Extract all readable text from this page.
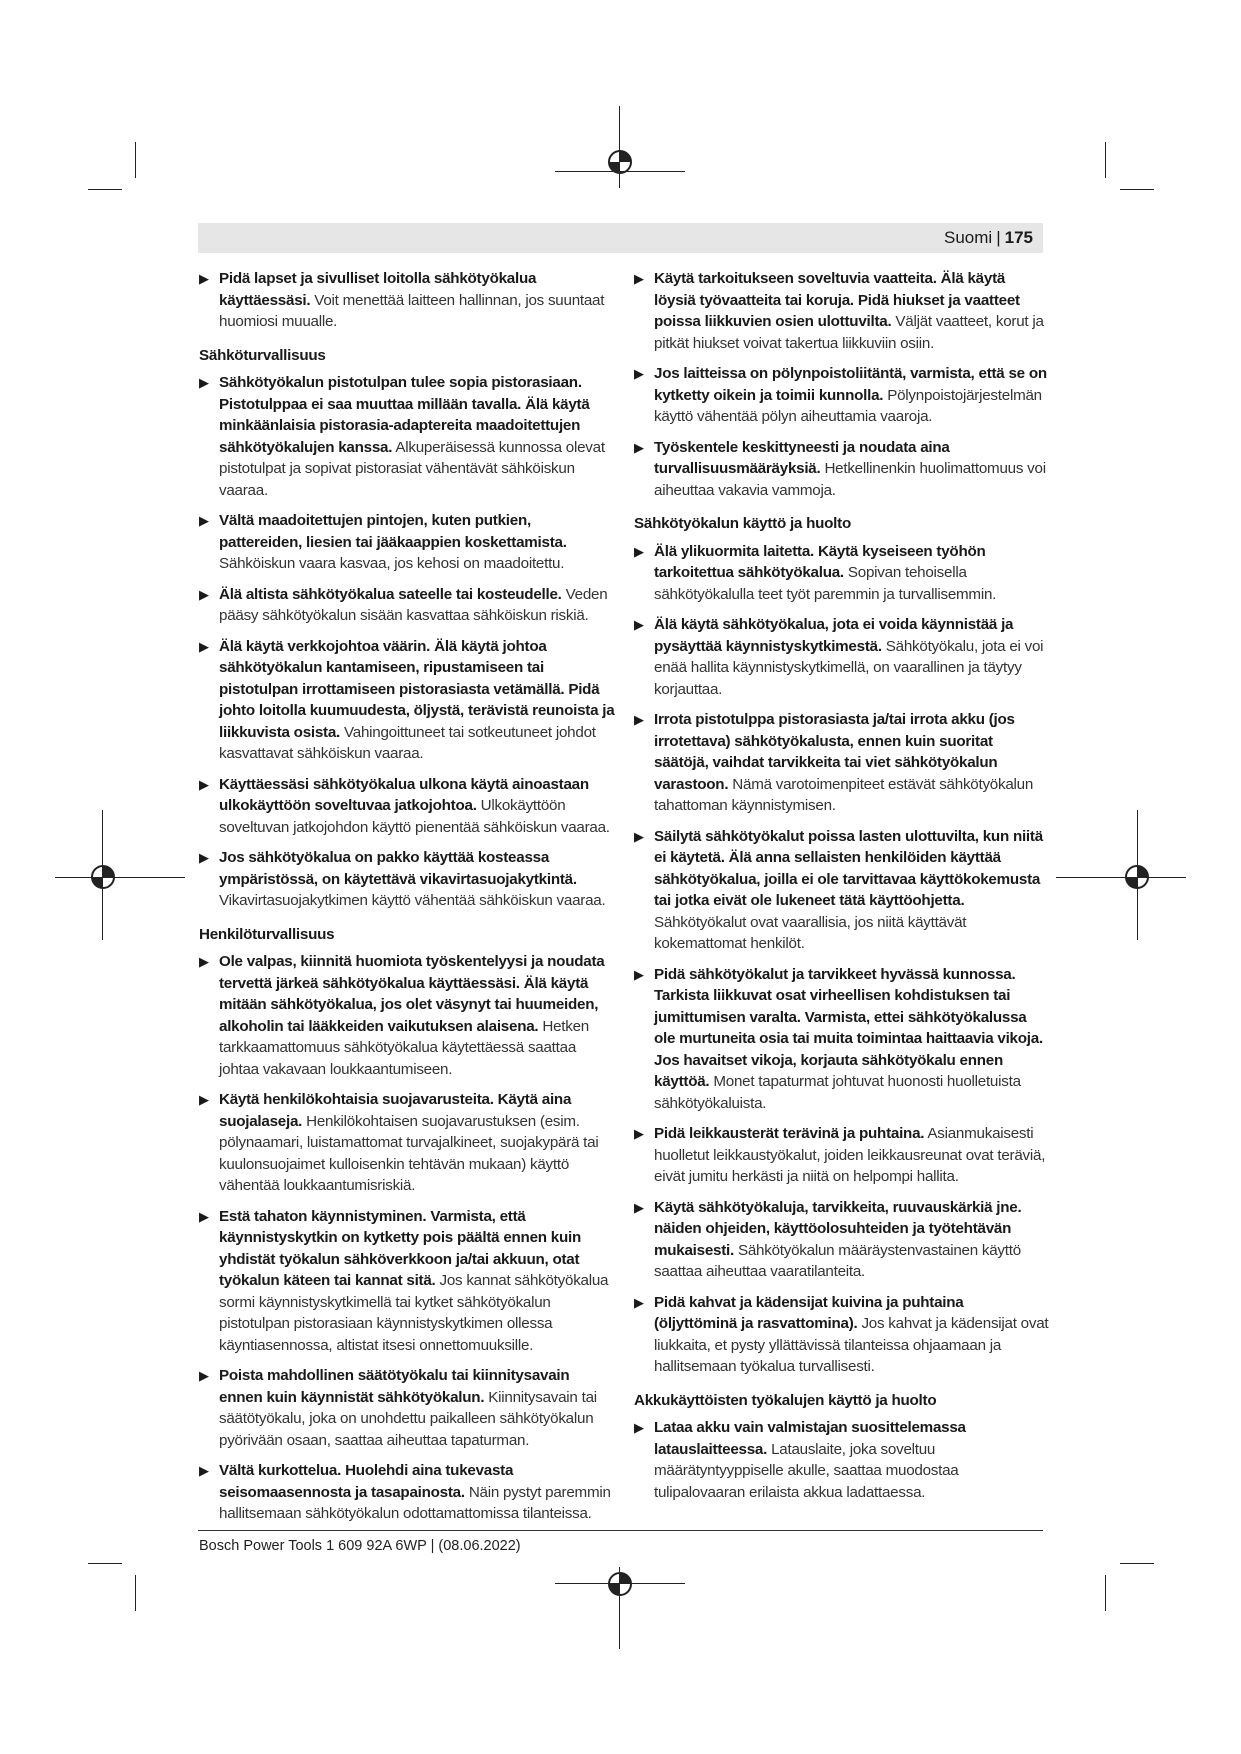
Suomi | 175
▶ Pidä lapset ja sivulliset loitolla sähkötyökalua käyttäessäsi. Voit menettää laitteen hallinnan, jos suuntaat huomiosi muualle.
Sähköturvallisuus
▶ Sähkötyökalun pistotulpan tulee sopia pistorasiaan. Pistotulppaa ei saa muuttaa millään tavalla. Älä käytä minkäänlaisia pistorasia-adaptereita maadoitettujen sähkötyökalujen kanssa. Alkuperäisessä kunnossa olevat pistotulpat ja sopivat pistorasiat vähentävät sähköiskun vaaraa.
▶ Vältä maadoitettujen pintojen, kuten putkien, pattereiden, liesien tai jääkaappien koskettamista. Sähköiskun vaara kasvaa, jos kehosi on maadoitettu.
▶ Älä altista sähkötyökalua sateelle tai kosteudelle. Veden pääsy sähkötyökalun sisään kasvattaa sähköiskun riskiä.
▶ Älä käytä verkkojohtoa väärin. Älä käytä johtoa sähkötyökalun kantamiseen, ripustamiseen tai pistotulpan irrottamiseen pistorasiasta vetämällä. Pidä johto loitolla kuumuudesta, öljystä, terävistä reunoista ja liikkuvista osista. Vahingoittuneet tai sotkeutuneet johdot kasvattavat sähköiskun vaaraa.
▶ Käyttäessäsi sähkötyökalua ulkona käytä ainoastaan ulkokäyttöön soveltuvaa jatkojohtoa. Ulkokäyttöön soveltuvan jatkojohdon käyttö pienentää sähköiskun vaaraa.
▶ Jos sähkötyökalua on pakko käyttää kosteassa ympäristössä, on käytettävä vikavirtasuojakytkintä. Vikavirtasuojakytkimen käyttö vähentää sähköiskun vaaraa.
Henkilöturvallisuus
▶ Ole valpas, kiinnitä huomiota työskentelyysi ja noudata tervettä järkeä sähkötyökalua käyttäessäsi. Älä käytä mitään sähkötyökalua, jos olet väsynyt tai huumeiden, alkoholin tai lääkkeiden vaikutuksen alaisena. Hetken tarkkaamattomuus sähkötyökalua käytettäessä saattaa johtaa vakavaan loukkaantumiseen.
▶ Käytä henkilökohtaisia suojavarusteita. Käytä aina suojalaseja. Henkilökohtaisen suojavarustuksen (esim. pölynaamari, luistamattomat turvajalkineet, suojakypärä tai kuulonsuojaimet kulloisenkin tehtävän mukaan) käyttö vähentää loukkaantumisriskiä.
▶ Estä tahaton käynnistyminen. Varmista, että käynnistyskytkin on kytketty pois päältä ennen kuin yhdistät työkalun sähköverkkoon ja/tai akkuun, otat työkalun käteen tai kannat sitä. Jos kannat sähkötyökalua sormi käynnistyskytkimellä tai kytket sähkötyökalun pistotulpan pistorasiaan käynnistyskytkimen ollessa käyntiasennossa, altistat itsesi onnettomuuksille.
▶ Poista mahdollinen säätötyökalu tai kiinnitysavain ennen kuin käynnistät sähkötyökalun. Kiinnitysavain tai säätötyökalu, joka on unohdettu paikalleen sähkötyökalun pyörivään osaan, saattaa aiheuttaa tapaturman.
▶ Vältä kurkottelua. Huolehdi aina tukevasta seisomaasennosta ja tasapainosta. Näin pystyt paremmin hallitsemaan sähkötyökalun odottamattomissa tilanteissa.
▶ Käytä tarkoitukseen soveltuvia vaatteita. Älä käytä löysiä työvaatteita tai koruja. Pidä hiukset ja vaatteet poissa liikkuvien osien ulottuvilta. Väljät vaatteet, korut ja pitkät hiukset voivat takertua liikkuviin osiin.
▶ Jos laitteissa on pölynpoistoliitäntä, varmista, että se on kytketty oikein ja toimii kunnolla. Pölynpoistojärjestelmän käyttö vähentää pölyn aiheuttamia vaaroja.
▶ Työskentele keskittyneesti ja noudata aina turvallisuusmääräyksiä. Hetkellinenkin huolimattomuus voi aiheuttaa vakavia vammoja.
Sähkötyökalun käyttö ja huolto
▶ Älä ylikuormita laitetta. Käytä kyseiseen työhön tarkoitettua sähkötyökalua. Sopivan tehoisella sähkötyökalulla teet työt paremmin ja turvallisemmin.
▶ Älä käytä sähkötyökalua, jota ei voida käynnistää ja pysäyttää käynnistyskytkimestä. Sähkötyökalu, jota ei voi enää hallita käynnistyskytkimellä, on vaarallinen ja täytyy korjauttaa.
▶ Irrota pistotulppa pistorasiasta ja/tai irrota akku (jos irrotettava) sähkötyökalusta, ennen kuin suoritat säätöjä, vaihdat tarvikkeita tai viet sähkötyökalun varastoon. Nämä varotoimenpiteet estävät sähkötyökalun tahattoman käynnistymisen.
▶ Säilytä sähkötyökalut poissa lasten ulottuvilta, kun niitä ei käytetä. Älä anna sellaisten henkilöiden käyttää sähkötyökalua, joilla ei ole tarvittavaa käyttökokemusta tai jotka eivät ole lukeneet tätä käyttöohjetta. Sähkötyökalut ovat vaarallisia, jos niitä käyttävät kokemattomat henkilöt.
▶ Pidä sähkötyökalut ja tarvikkeet hyvässä kunnossa. Tarkista liikkuvat osat virheellisen kohdistuksen tai jumittumisen varalta. Varmista, ettei sähkötyökalussa ole murtuneita osia tai muita toimintaa haittaavia vikoja. Jos havaitset vikoja, korjauta sähkötyökalu ennen käyttöä. Monet tapaturmat johtuvat huonosti huolletuista sähkötyökaluista.
▶ Pidä leikkausterät terävinä ja puhtaina. Asianmukaisesti huolletut leikkaustyökalut, joiden leikkausreunat ovat teräviä, eivät jumitu herkästi ja niitä on helpompi hallita.
▶ Käytä sähkötyökaluja, tarvikkeita, ruuvauskärkiä jne. näiden ohjeiden, käyttöolosuhteiden ja työtehtävän mukaisesti. Sähkötyökalun määräystenvastainen käyttö saattaa aiheuttaa vaaratilanteita.
▶ Pidä kahvat ja kädensijat kuivina ja puhtaina (öljyttöminä ja rasvattomina). Jos kahvat ja kädensijat ovat liukkaita, et pysty yllättävissä tilanteissa ohjaamaan ja hallitsemaan työkalua turvallisesti.
Akkukäyttöisten työkalujen käyttö ja huolto
▶ Lataa akku vain valmistajan suosittelemassa latauslaitteessa. Latauslaite, joka soveltuu määrätyntyyppiselle akulle, saattaa muodostaa tulipalovaaran erilaista akkua ladattaessa.
Bosch Power Tools 1 609 92A 6WP | (08.06.2022)
